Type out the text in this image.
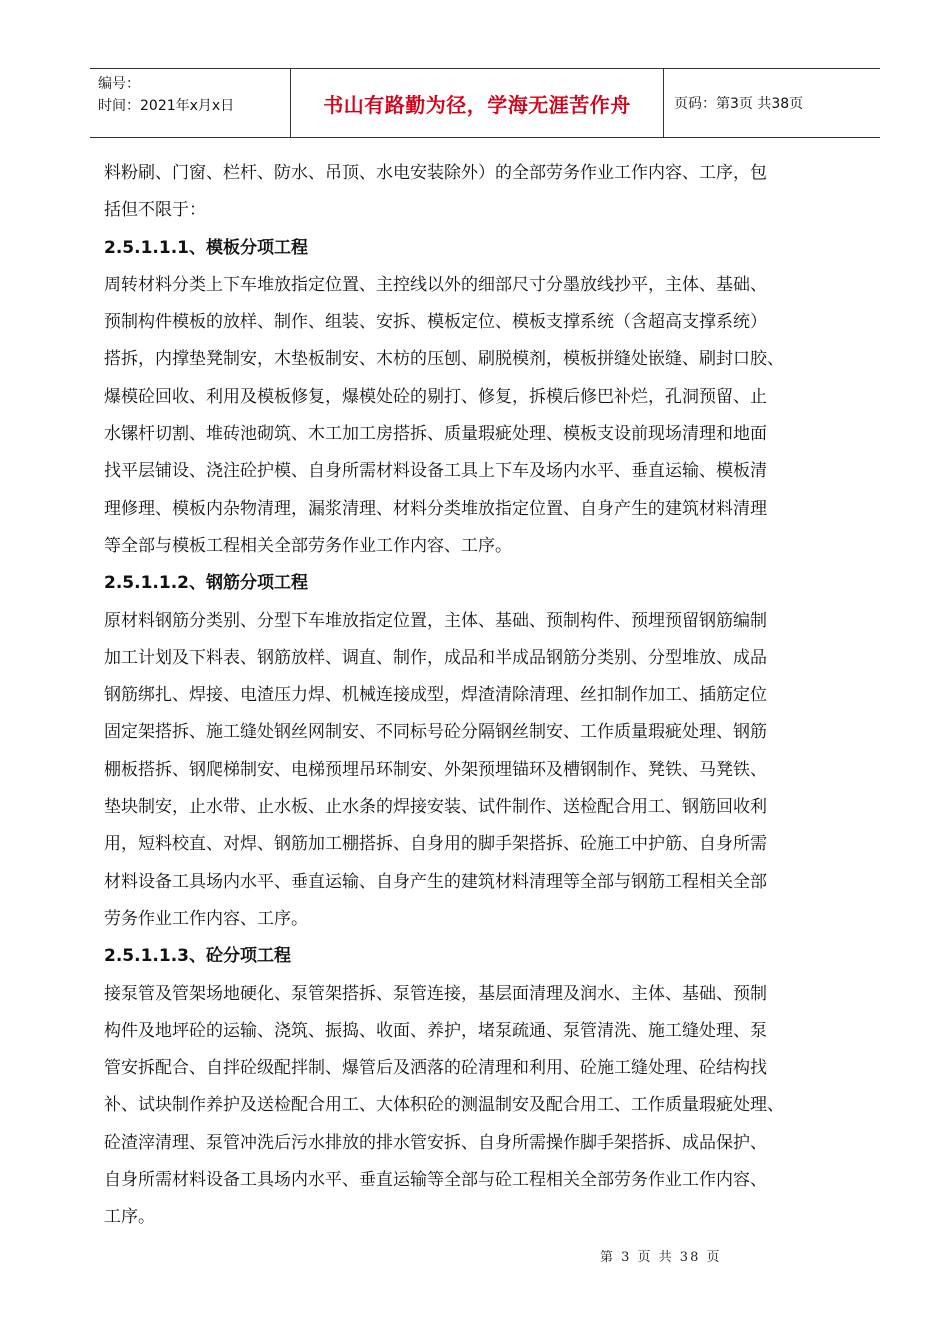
编号：
时间：2021年x月x日	书山有路勤为径，学海无涯苦作舟	页码：第3页 共38页

料粉刷、门窗、栏杆、防水、吊顶、水电安装除外）的全部劳务作业工作内容、工序，包

括但不限于：

2.5.1.1.1、模板分项工程

周转材料分类上下车堆放指定位置、主控线以外的细部尺寸分墨放线抄平，主体、基础、

预制构件模板的放样、制作、组装、安拆、模板定位、模板支撑系统（含超高支撑系统）

搭拆，内撑垫凳制安，木垫板制安、木枋的压刨、刷脱模剂，模板拼缝处嵌缝、刷封口胶、

爆模砼回收、利用及模板修复，爆模处砼的剔打、修复，拆模后修巴补烂，孔洞预留、止

水镙杆切割、堆砖池砌筑、木工加工房搭拆、质量瑕疵处理、模板支设前现场清理和地面

找平层铺设、浇注砼护模、自身所需材料设备工具上下车及场内水平、垂直运输、模板清

理修理、模板内杂物清理，漏浆清理、材料分类堆放指定位置、自身产生的建筑材料清理

等全部与模板工程相关全部劳务作业工作内容、工序。

2.5.1.1.2、钢筋分项工程

原材料钢筋分类别、分型下车堆放指定位置，主体、基础、预制构件、预埋预留钢筋编制

加工计划及下料表、钢筋放样、调直、制作，成品和半成品钢筋分类别、分型堆放、成品

钢筋绑扎、焊接、电渣压力焊、机械连接成型，焊渣清除清理、丝扣制作加工、插筋定位

固定架搭拆、施工缝处钢丝网制安、不同标号砼分隔钢丝制安、工作质量瑕疵处理、钢筋

棚板搭拆、钢爬梯制安、电梯预埋吊环制安、外架预埋锚环及槽钢制作、凳铁、马凳铁、

垫块制安，止水带、止水板、止水条的焊接安装、试件制作、送检配合用工、钢筋回收利

用，短料校直、对焊、钢筋加工棚搭拆、自身用的脚手架搭拆、砼施工中护筋、自身所需

材料设备工具场内水平、垂直运输、自身产生的建筑材料清理等全部与钢筋工程相关全部

劳务作业工作内容、工序。

2.5.1.1.3、砼分项工程

接泵管及管架场地硬化、泵管架搭拆、泵管连接，基层面清理及润水、主体、基础、预制

构件及地坪砼的运输、浇筑、振捣、收面、养护，堵泵疏通、泵管清洗、施工缝处理、泵

管安拆配合、自拌砼级配拌制、爆管后及洒落的砼清理和利用、砼施工缝处理、砼结构找

补、试块制作养护及送检配合用工、大体积砼的测温制安及配合用工、工作质量瑕疵处理、

砼渣滓清理、泵管冲洗后污水排放的排水管安拆、自身所需操作脚手架搭拆、成品保护、

自身所需材料设备工具场内水平、垂直运输等全部与砼工程相关全部劳务作业工作内容、

工序。

第 3 页 共 38 页
